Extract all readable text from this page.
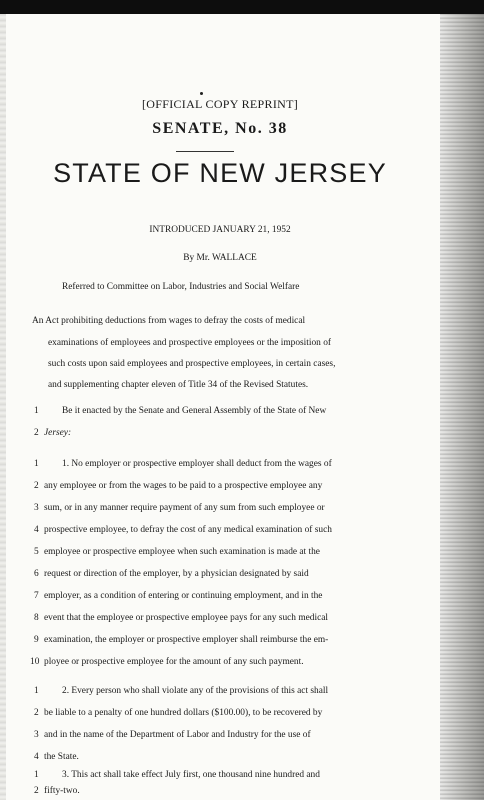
[OFFICIAL COPY REPRINT]
SENATE, No. 38
STATE OF NEW JERSEY
INTRODUCED JANUARY 21, 1952
By Mr. WALLACE
Referred to Committee on Labor, Industries and Social Welfare
An Act prohibiting deductions from wages to defray the costs of medical
examinations of employees and prospective employees or the imposition of
such costs upon said employees and prospective employees, in certain cases,
and supplementing chapter eleven of Title 34 of the Revised Statutes.
1 Be it enacted by the Senate and General Assembly of the State of New
2 Jersey:
1 1. No employer or prospective employer shall deduct from the wages of
2 any employee or from the wages to be paid to a prospective employee any
3 sum, or in any manner require payment of any sum from such employee or
4 prospective employee, to defray the cost of any medical examination of such
5 employee or prospective employee when such examination is made at the
6 request or direction of the employer, by a physician designated by said
7 employer, as a condition of entering or continuing employment, and in the
8 event that the employee or prospective employee pays for any such medical
9 examination, the employer or prospective employer shall reimburse the em-
10 ployee or prospective employee for the amount of any such payment.
1 2. Every person who shall violate any of the provisions of this act shall
2 be liable to a penalty of one hundred dollars ($100.00), to be recovered by
3 and in the name of the Department of Labor and Industry for the use of
4 the State.
1 3. This act shall take effect July first, one thousand nine hundred and
2 fifty-two.
